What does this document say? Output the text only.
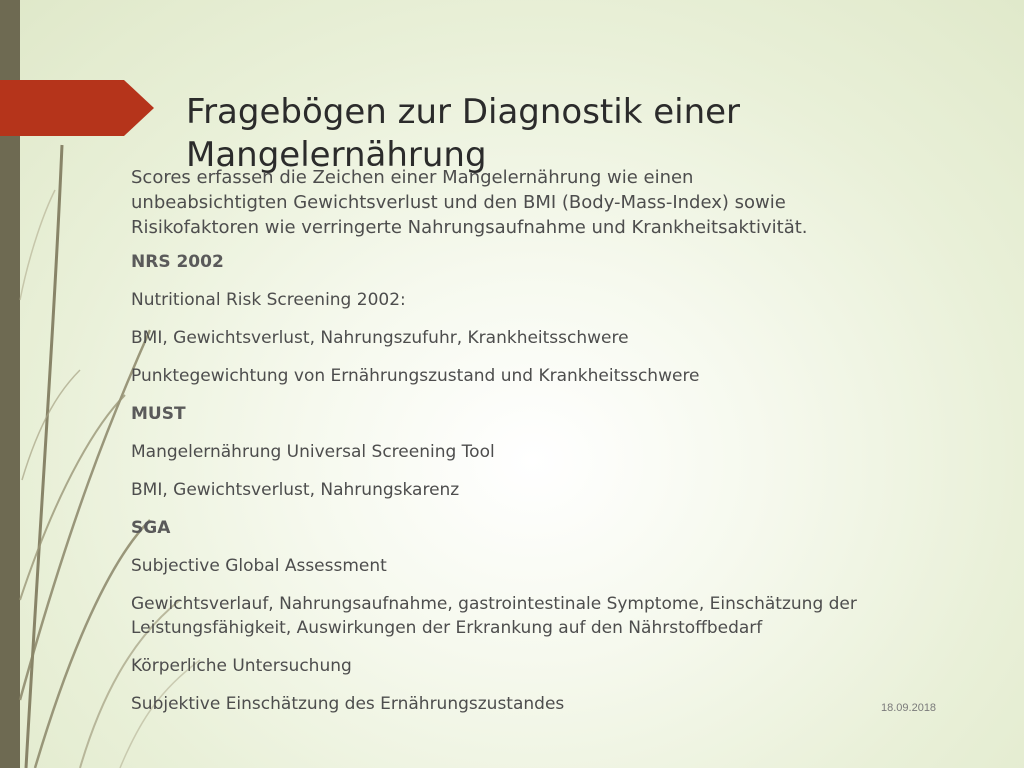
Fragebögen zur Diagnostik einer
Mangelernährung

Scores erfassen die Zeichen einer Mangelernährung wie einen
unbeabsichtigten Gewichtsverlust und den BMI (Body-Mass-Index) sowie
Risikofaktoren wie verringerte Nahrungsaufnahme und Krankheitsaktivität.

NRS 2002

Nutritional Risk Screening 2002:

BMI, Gewichtsverlust, Nahrungszufuhr, Krankheitsschwere

Punktegewichtung von Ernährungszustand und Krankheitsschwere

MUST

Mangelernährung Universal Screening Tool

BMI, Gewichtsverlust, Nahrungskarenz

SGA

Subjective Global Assessment

Gewichtsverlauf, Nahrungsaufnahme, gastrointestinale Symptome, Einschätzung der Leistungsfähigkeit, Auswirkungen der Erkrankung auf den Nährstoffbedarf

Körperliche Untersuchung

Subjektive Einschätzung des Ernährungszustandes	18.09.2018
